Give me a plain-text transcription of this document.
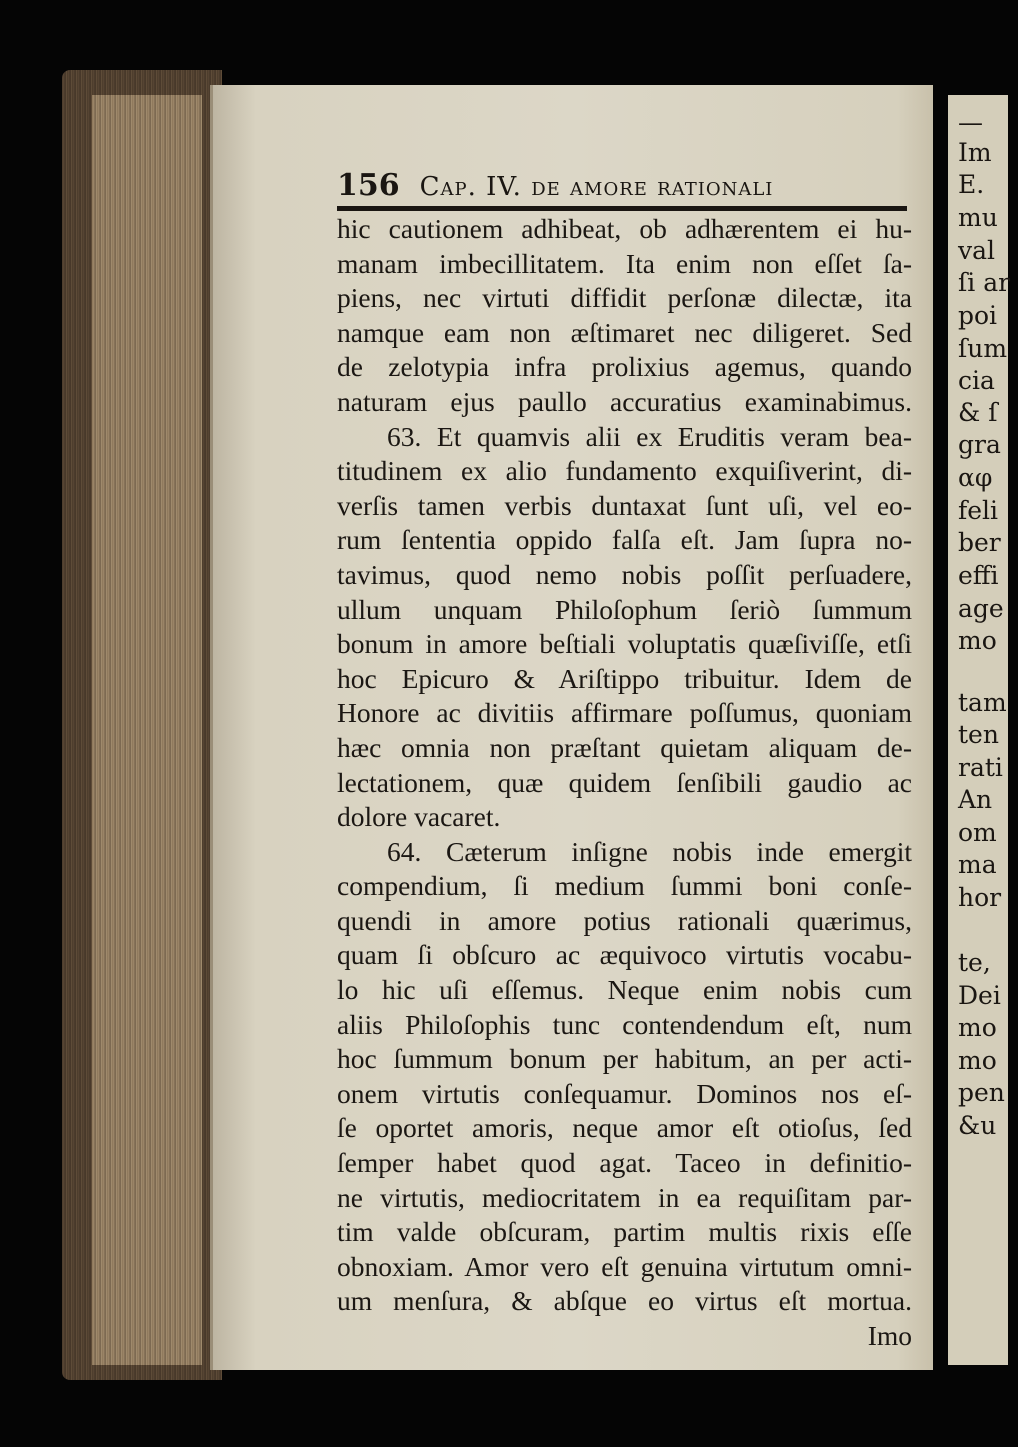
—
Im
E.
mu
val
ſi ar
poi
ſum
cia
& ſ
gra
αφ
feli
ber
effi
age
mo
tam
ten
rati
An
om
ma
hor
te,
Dei
mo
mo
pen
&u
156 Cap. IV. de amore rationali
hic cautionem adhibeat, ob adhærentem ei hu-
manam imbecillitatem. Ita enim non eſſet ſa-
piens, nec virtuti diffidit perſonæ dilectæ, ita
namque eam non æſtimaret nec diligeret. Sed
de zelotypia infra prolixius agemus, quando
naturam ejus paullo accuratius examinabimus.
63. Et quamvis alii ex Eruditis veram bea-
titudinem ex alio fundamento exquiſiverint, di-
verſis tamen verbis duntaxat ſunt uſi, vel eo-
rum ſententia oppido falſa eſt. Jam ſupra no-
tavimus, quod nemo nobis poſſit perſuadere,
ullum unquam Philoſophum ſeriò ſummum
bonum in amore beſtiali voluptatis quæſiviſſe, etſi
hoc Epicuro & Ariſtippo tribuitur. Idem de
Honore ac divitiis affirmare poſſumus, quoniam
hæc omnia non præſtant quietam aliquam de-
lectationem, quæ quidem ſenſibili gaudio ac
dolore vacaret.
64. Cæterum inſigne nobis inde emergit
compendium, ſi medium ſummi boni conſe-
quendi in amore potius rationali quærimus,
quam ſi obſcuro ac æquivoco virtutis vocabu-
lo hic uſi eſſemus. Neque enim nobis cum
aliis Philoſophis tunc contendendum eſt, num
hoc ſummum bonum per habitum, an per acti-
onem virtutis conſequamur. Dominos nos eſ-
ſe oportet amoris, neque amor eſt otioſus, ſed
ſemper habet quod agat. Taceo in definitio-
ne virtutis, mediocritatem in ea requiſitam par-
tim valde obſcuram, partim multis rixis eſſe
obnoxiam. Amor vero eſt genuina virtutum omni-
um menſura, & abſque eo virtus eſt mortua.
Imo
